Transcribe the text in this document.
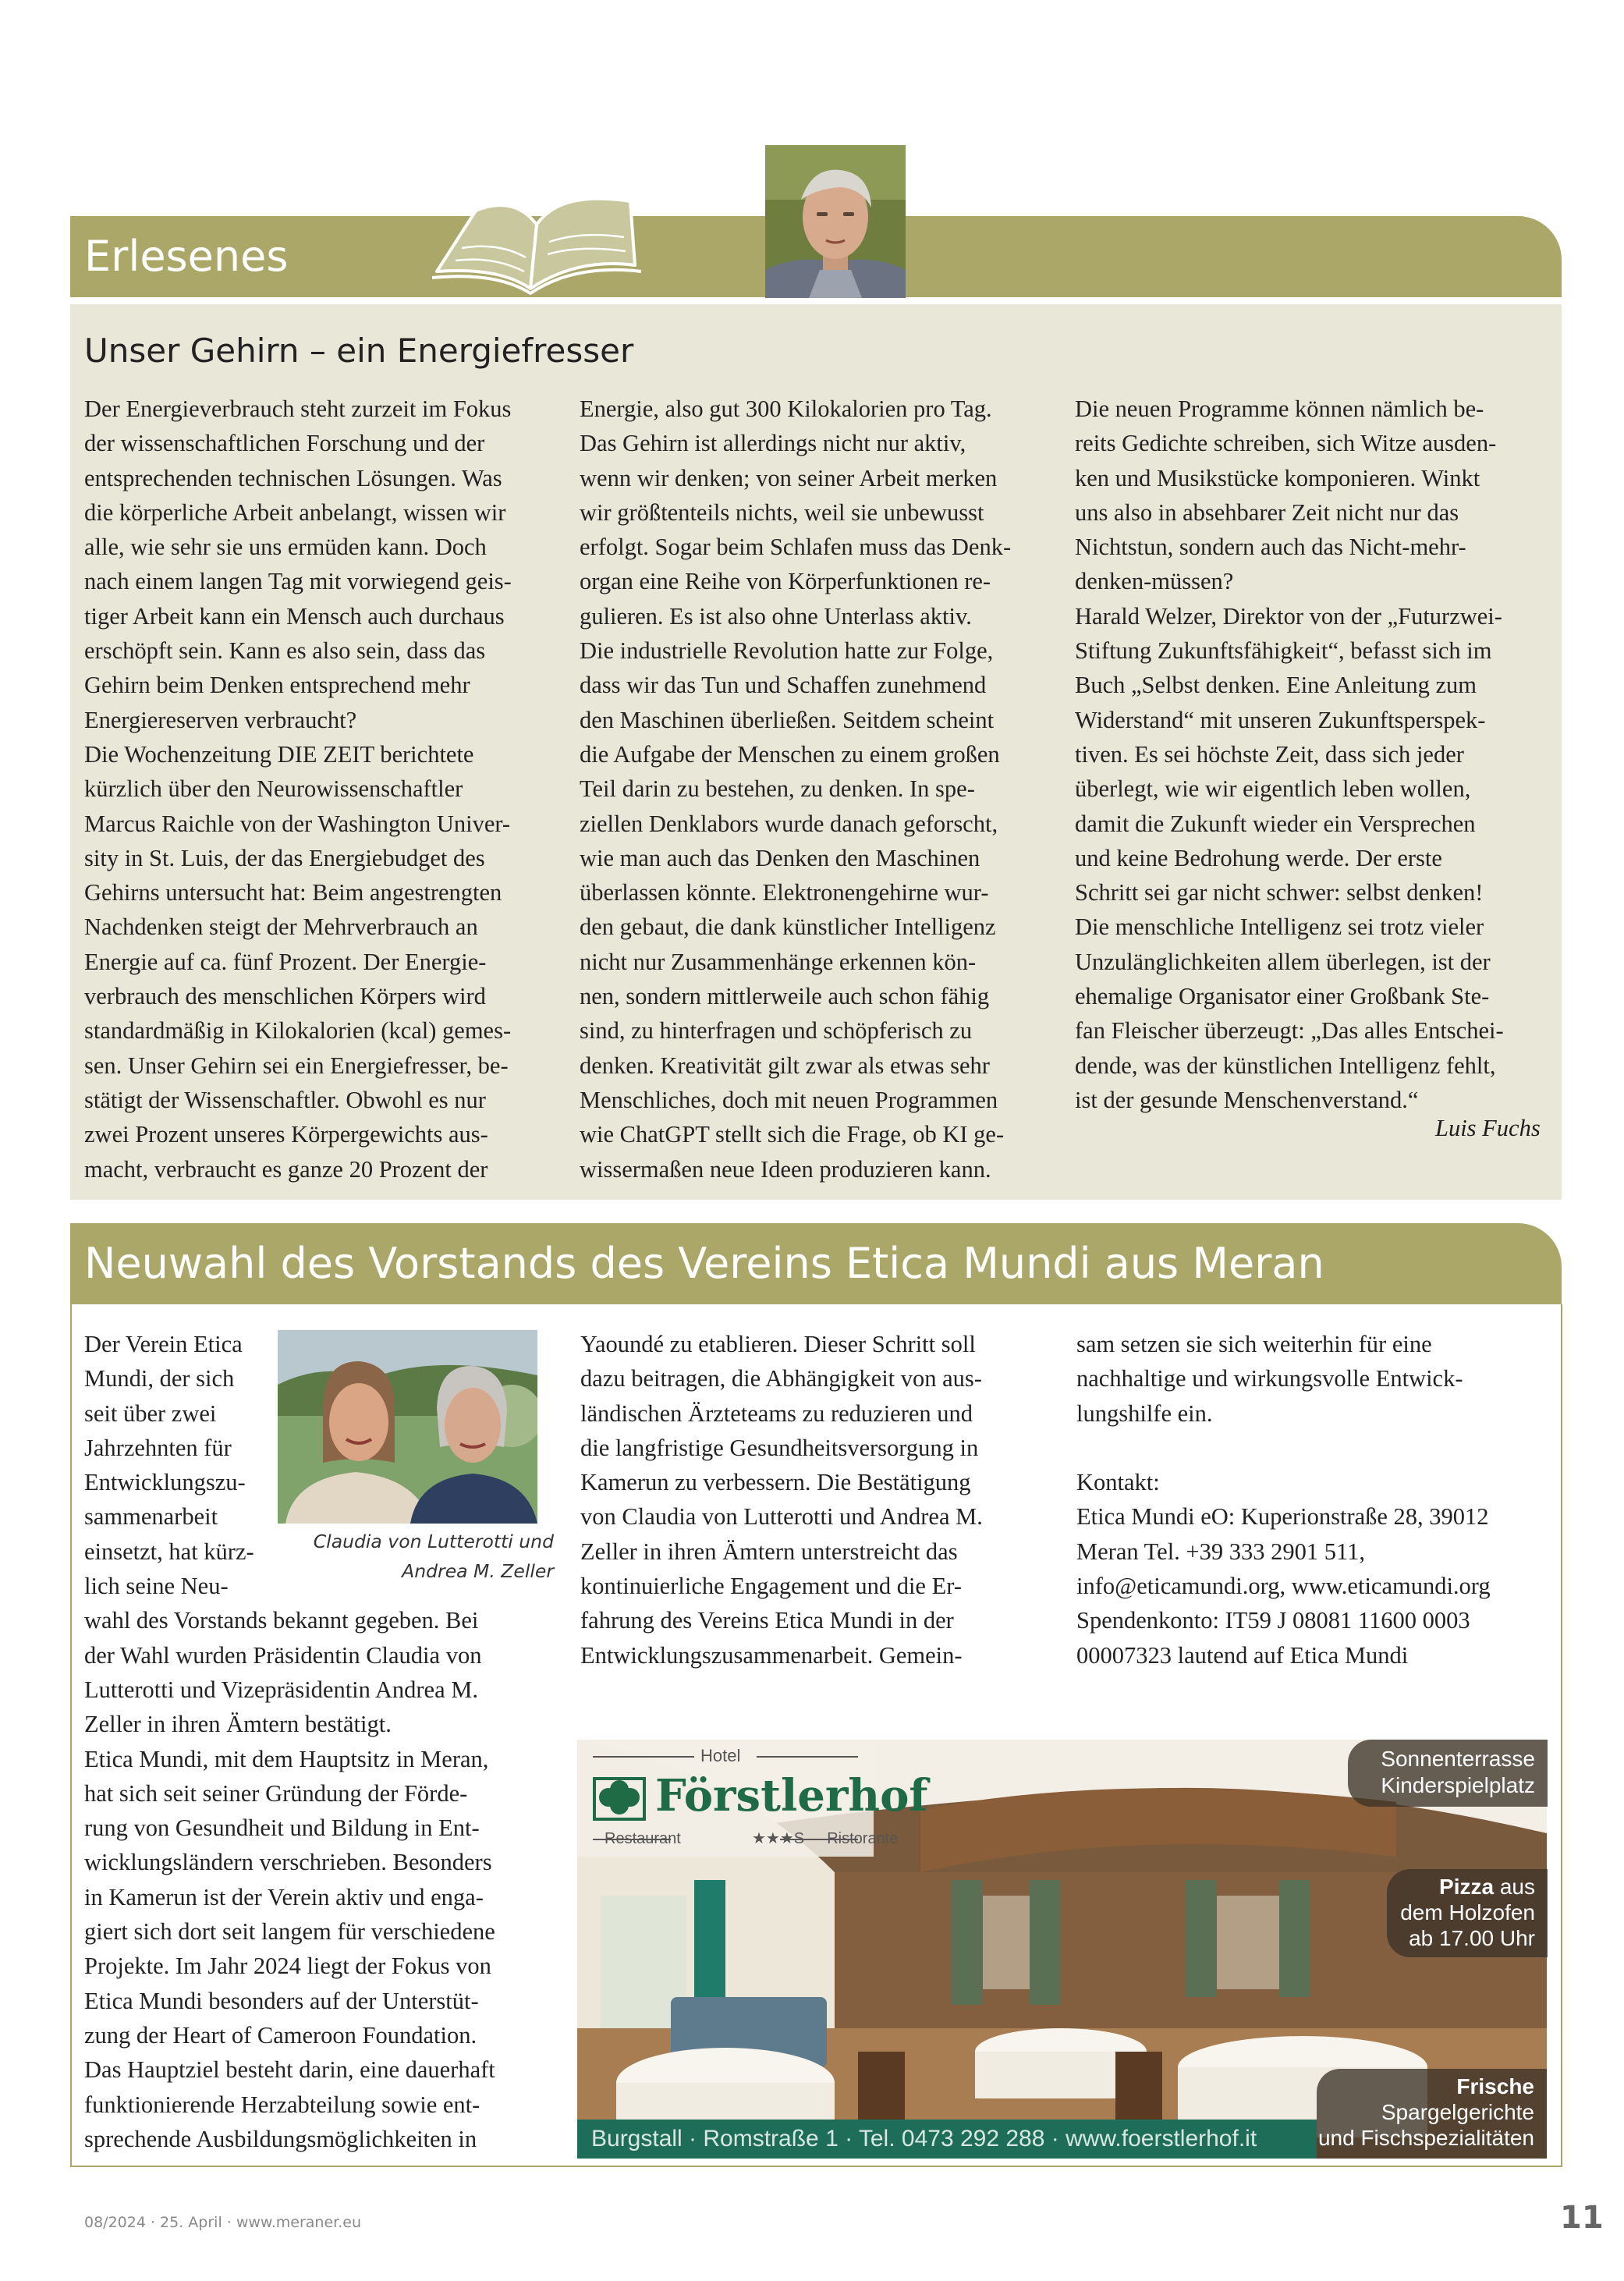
Erlesenes
Unser Gehirn – ein Energiefresser
Der Energieverbrauch steht zurzeit im Fokus
der wissenschaftlichen Forschung und der
entsprechenden technischen Lösungen. Was
die körperliche Arbeit anbelangt, wissen wir
alle, wie sehr sie uns ermüden kann. Doch
nach einem langen Tag mit vorwiegend geis-
tiger Arbeit kann ein Mensch auch durchaus
erschöpft sein. Kann es also sein, dass das
Gehirn beim Denken entsprechend mehr
Energiereserven verbraucht?
Die Wochenzeitung DIE ZEIT berichtete
kürzlich über den Neurowissenschaftler
Marcus Raichle von der Washington Univer-
sity in St. Luis, der das Energiebudget des
Gehirns untersucht hat: Beim angestrengten
Nachdenken steigt der Mehrverbrauch an
Energie auf ca. fünf Prozent. Der Energie-
verbrauch des menschlichen Körpers wird
standardmäßig in Kilokalorien (kcal) gemes-
sen. Unser Gehirn sei ein Energiefresser, be-
stätigt der Wissenschaftler. Obwohl es nur
zwei Prozent unseres Körpergewichts aus-
macht, verbraucht es ganze 20 Prozent der
Energie, also gut 300 Kilokalorien pro Tag.
Das Gehirn ist allerdings nicht nur aktiv,
wenn wir denken; von seiner Arbeit merken
wir größtenteils nichts, weil sie unbewusst
erfolgt. Sogar beim Schlafen muss das Denk-
organ eine Reihe von Körperfunktionen re-
gulieren. Es ist also ohne Unterlass aktiv.
Die industrielle Revolution hatte zur Folge,
dass wir das Tun und Schaffen zunehmend
den Maschinen überließen. Seitdem scheint
die Aufgabe der Menschen zu einem großen
Teil darin zu bestehen, zu denken. In spe-
ziellen Denklabors wurde danach geforscht,
wie man auch das Denken den Maschinen
überlassen könnte. Elektronengehirne wur-
den gebaut, die dank künstlicher Intelligenz
nicht nur Zusammenhänge erkennen kön-
nen, sondern mittlerweile auch schon fähig
sind, zu hinterfragen und schöpferisch zu
denken. Kreativität gilt zwar als etwas sehr
Menschliches, doch mit neuen Programmen
wie ChatGPT stellt sich die Frage, ob KI ge-
wissermaßen neue Ideen produzieren kann.
Die neuen Programme können nämlich be-
reits Gedichte schreiben, sich Witze ausden-
ken und Musikstücke komponieren. Winkt
uns also in absehbarer Zeit nicht nur das
Nichtstun, sondern auch das Nicht-mehr-
denken-müssen?
Harald Welzer, Direktor von der „Futurzwei-
Stiftung Zukunftsfähigkeit“, befasst sich im
Buch „Selbst denken. Eine Anleitung zum
Widerstand“ mit unseren Zukunftsperspek-
tiven. Es sei höchste Zeit, dass sich jeder
überlegt, wie wir eigentlich leben wollen,
damit die Zukunft wieder ein Versprechen
und keine Bedrohung werde. Der erste
Schritt sei gar nicht schwer: selbst denken!
Die menschliche Intelligenz sei trotz vieler
Unzulänglichkeiten allem überlegen, ist der
ehemalige Organisator einer Großbank Ste-
fan Fleischer überzeugt: „Das alles Entschei-
dende, was der künstlichen Intelligenz fehlt,
ist der gesunde Menschenverstand.“
Luis Fuchs
Neuwahl des Vorstands des Vereins Etica Mundi aus Meran
Claudia von Lutterotti und
Andrea M. Zeller
Der Verein Etica
Mundi, der sich
seit über zwei
Jahrzehnten für
Entwicklungszu-
sammenarbeit
einsetzt, hat kürz-
lich seine Neu-
wahl des Vorstands bekannt gegeben. Bei
der Wahl wurden Präsidentin Claudia von
Lutterotti und Vizepräsidentin Andrea M.
Zeller in ihren Ämtern bestätigt.
Etica Mundi, mit dem Hauptsitz in Meran,
hat sich seit seiner Gründung der Förde-
rung von Gesundheit und Bildung in Ent-
wicklungsländern verschrieben. Besonders
in Kamerun ist der Verein aktiv und enga-
giert sich dort seit langem für verschiedene
Projekte. Im Jahr 2024 liegt der Fokus von
Etica Mundi besonders auf der Unterstüt-
zung der Heart of Cameroon Foundation.
Das Hauptziel besteht darin, eine dauerhaft
funktionierende Herzabteilung sowie ent-
sprechende Ausbildungsmöglichkeiten in
Yaoundé zu etablieren. Dieser Schritt soll
dazu beitragen, die Abhängigkeit von aus-
ländischen Ärzteteams zu reduzieren und
die langfristige Gesundheitsversorgung in
Kamerun zu verbessern. Die Bestätigung
von Claudia von Lutterotti und Andrea M.
Zeller in ihren Ämtern unterstreicht das
kontinuierliche Engagement und die Er-
fahrung des Vereins Etica Mundi in der
Entwicklungszusammenarbeit. Gemein-
sam setzen sie sich weiterhin für eine
nachhaltige und wirkungsvolle Entwick-
lungshilfe ein.
Kontakt:
Etica Mundi eO: Kuperionstraße 28, 39012
Meran Tel. +39 333 2901 511,
info@eticamundi.org, www.eticamundi.org
Spendenkonto: IT59 J 08081 11600 0003
00007323 lautend auf Etica Mundi
Hotel
Förstlerhof
Restaurant	★★★S Ristorante
Sonnenterrasse
Kinderspielplatz
Pizza aus
dem Holzofen
ab 17.00 Uhr
Frische
Spargelgerichte
und Fischspezialitäten
Burgstall · Romstraße 1 · Tel. 0473 292 288 · www.foerstlerhof.it
08/2024 · 25. April · www.meraner.eu	11
